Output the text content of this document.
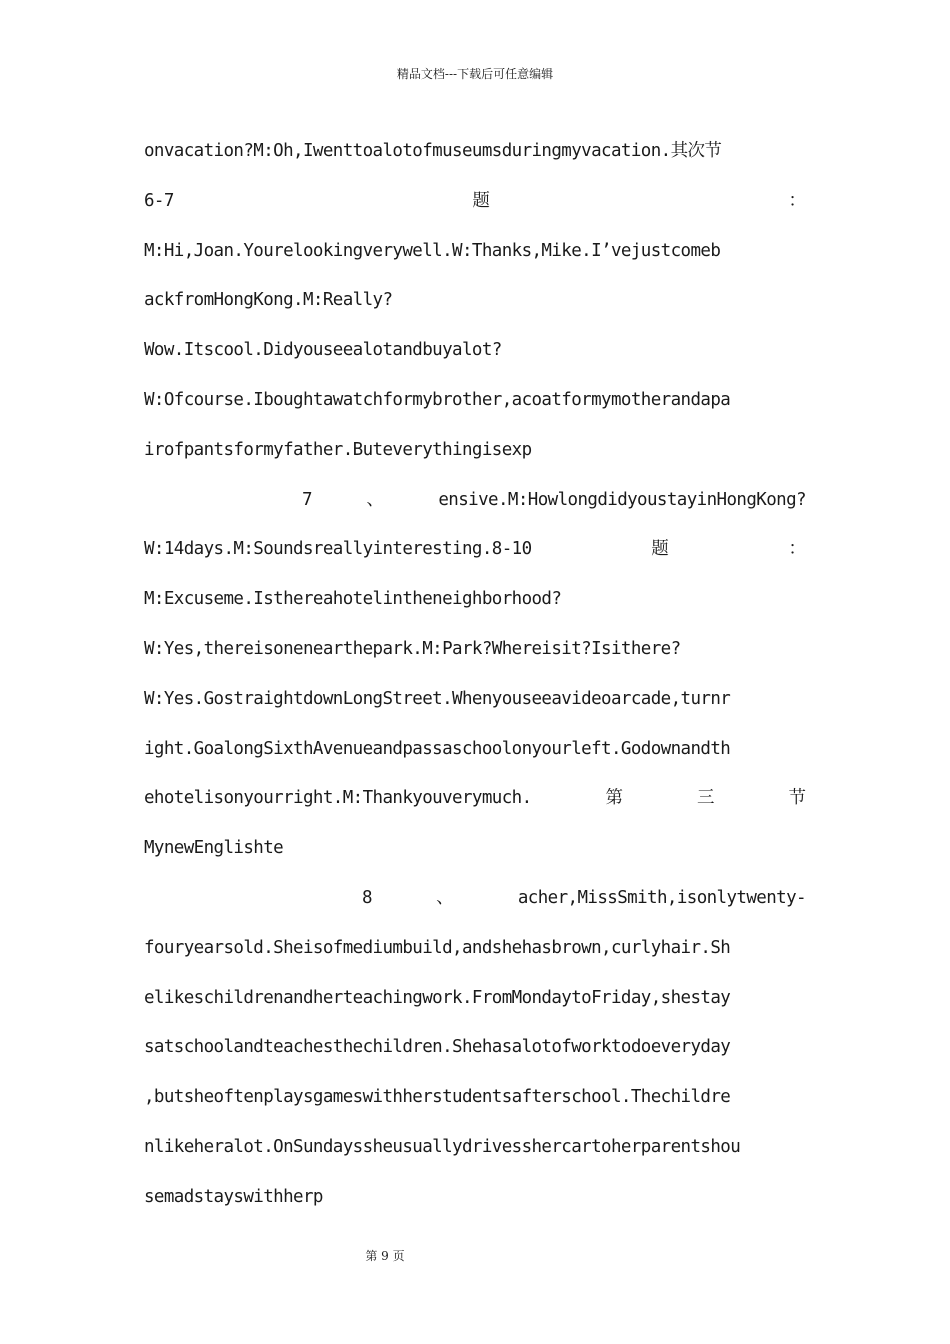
精品文档---下载后可任意编辑
onvacation?M:Oh,Iwenttoalotofmuseumsduringmyvacation.其次节
6-7	题	：
M:Hi,Joan.Yourelookingverywell.W:Thanks,Mike.I’vejustcomeb
ackfromHongKong.M:Really?
Wow.Itscool.Didyouseealotandbuyalot?
W:Ofcourse.Iboughtawatchformybrother,acoatformymotherandapa
irofpantsformyfather.Buteverythingisexp
7	、	ensive.M:HowlongdidyoustayinHongKong?
W:14days.M:Soundsreallyinteresting.8-10	题	：
M:Excuseme.Isthereahotelintheneighborhood?
W:Yes,thereisonenearthepark.M:Park?Whereisit?Isithere?
W:Yes.GostraightdownLongStreet.Whenyouseeavideoarcade,turnr
ight.GoalongSixthAvenueandpassaschoolonyourleft.Godownandth
ehotelisonyourright.M:Thankyouverymuch.	第	三	节
MynewEnglishte
8	、	acher,MissSmith,isonlytwenty-
fouryearsold.Sheisofmediumbuild,andshehasbrown,curlyhair.Sh
elikeschildrenandherteachingwork.FromMondaytoFriday,shestay
satschoolandteachesthechildren.Shehasalotofworktodoeveryday
,butsheoftenplaysgameswithherstudentsafterschool.Thechildre
nlikeheralot.OnSundayssheusuallydrivesshercartoherparentshou
semadstayswithherp
第 9 页
